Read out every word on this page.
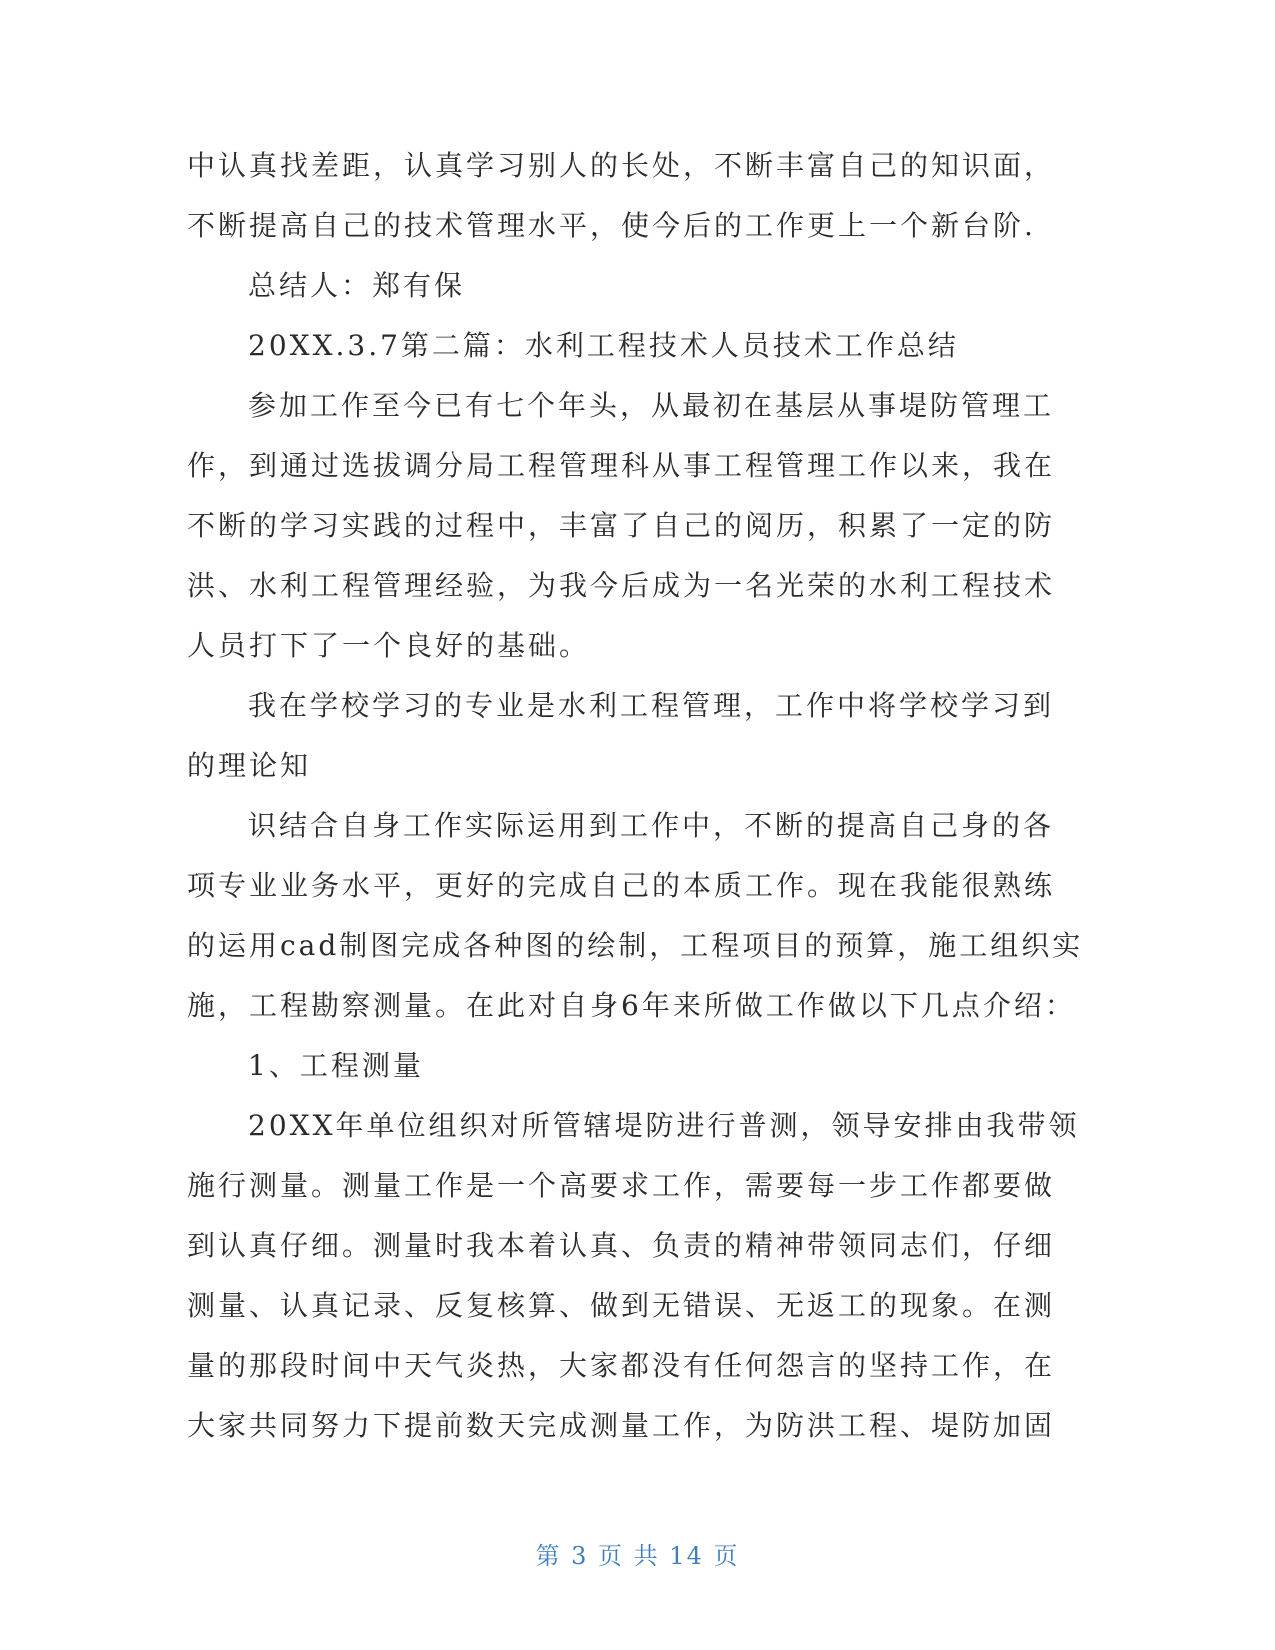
中认真找差距，认真学习别人的长处，不断丰富自己的知识面，

不断提高自己的技术管理水平，使今后的工作更上一个新台阶.

总结人：郑有保

20XX.3.7第二篇：水利工程技术人员技术工作总结

参加工作至今已有七个年头，从最初在基层从事堤防管理工

作，到通过选拔调分局工程管理科从事工程管理工作以来，我在

不断的学习实践的过程中，丰富了自己的阅历，积累了一定的防

洪、水利工程管理经验，为我今后成为一名光荣的水利工程技术

人员打下了一个良好的基础。

我在学校学习的专业是水利工程管理，工作中将学校学习到

的理论知

识结合自身工作实际运用到工作中，不断的提高自己身的各

项专业业务水平，更好的完成自己的本质工作。现在我能很熟练

的运用cad制图完成各种图的绘制，工程项目的预算，施工组织实

施，工程勘察测量。在此对自身6年来所做工作做以下几点介绍：

1、工程测量

20XX年单位组织对所管辖堤防进行普测，领导安排由我带领

施行测量。测量工作是一个高要求工作，需要每一步工作都要做

到认真仔细。测量时我本着认真、负责的精神带领同志们，仔细

测量、认真记录、反复核算、做到无错误、无返工的现象。在测

量的那段时间中天气炎热，大家都没有任何怨言的坚持工作，在

大家共同努力下提前数天完成测量工作，为防洪工程、堤防加固

第 3 页 共 14 页
